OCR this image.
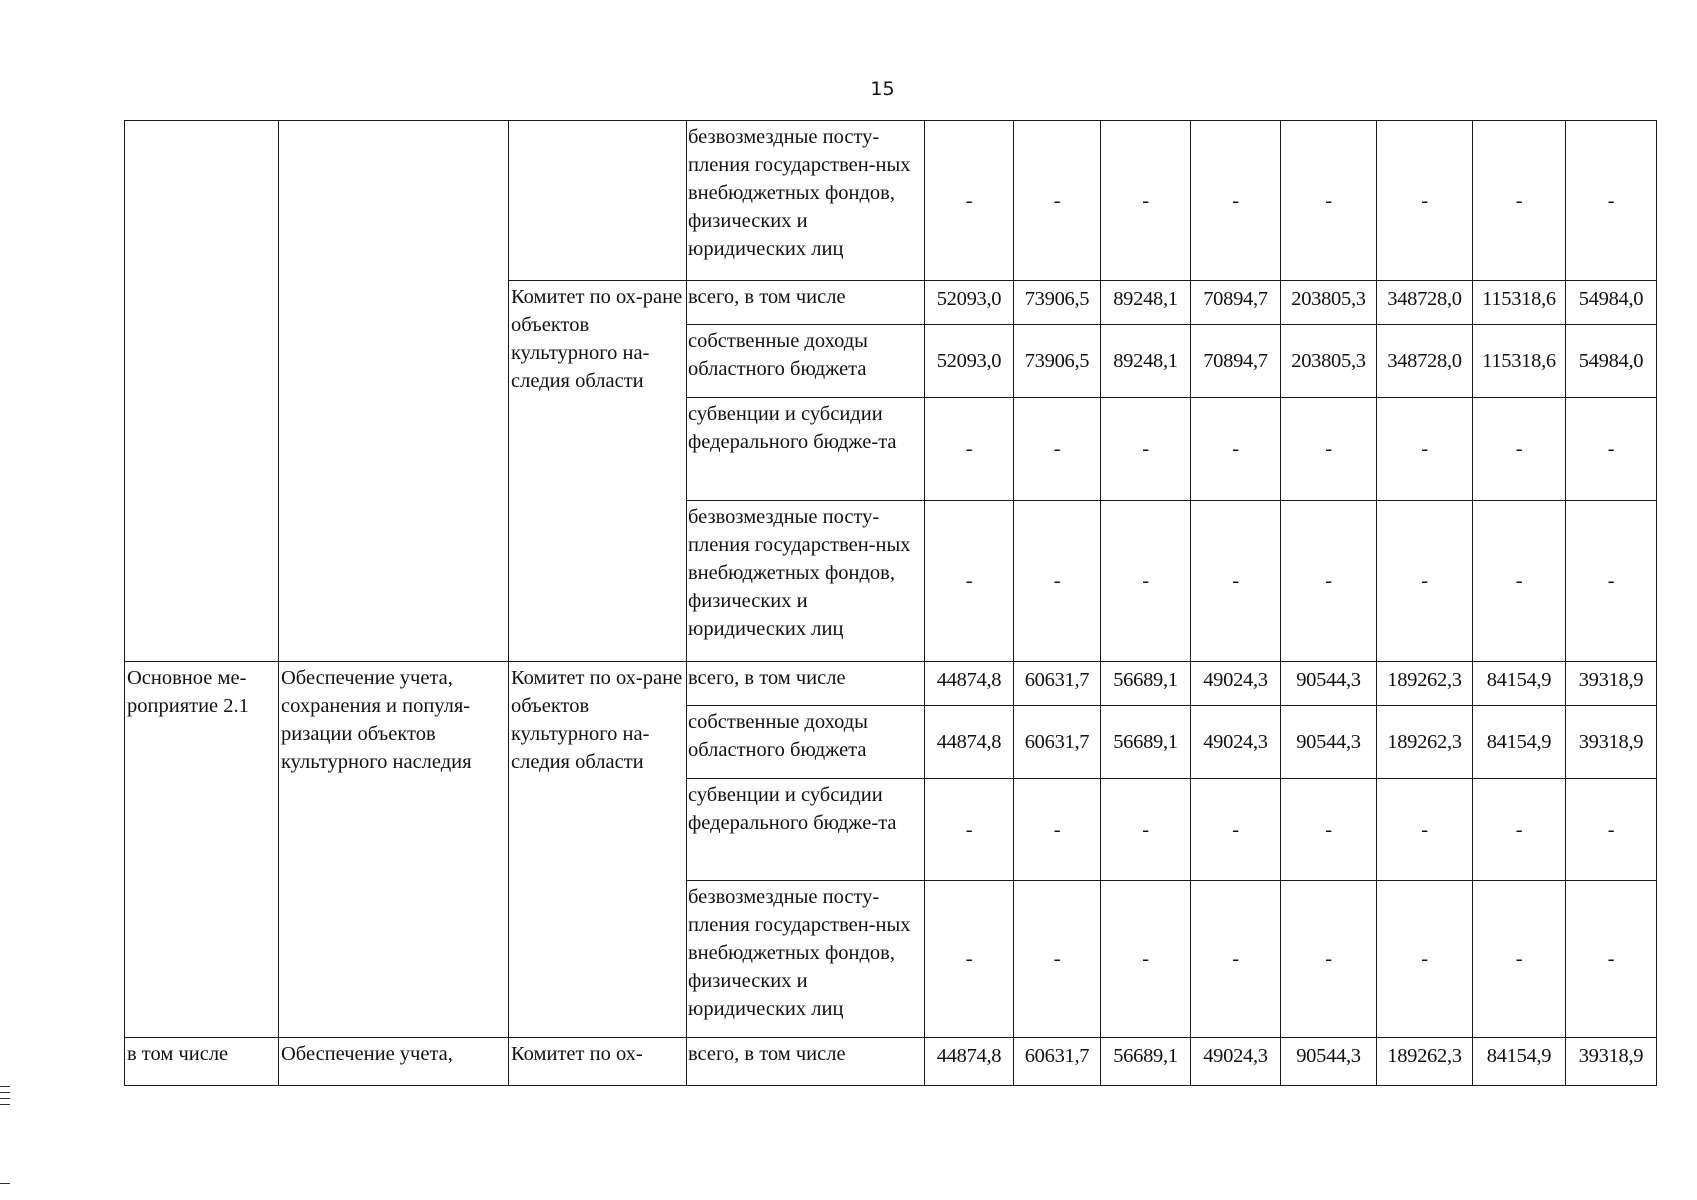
15
			безвозмездные посту-пления государствен-ных внебюджетных фондов, физических и юридических лиц	-	-	-	-	-	-	-	-
		Комитет по ох-ране объектов культурного на-следия области	всего, в том числе	52093,0	73906,5	89248,1	70894,7	203805,3	348728,0	115318,6	54984,0
			собственные доходы областного бюджета	52093,0	73906,5	89248,1	70894,7	203805,3	348728,0	115318,6	54984,0
			субвенции и субсидии федерального бюдже-та	-	-	-	-	-	-	-	-
			безвозмездные посту-пления государствен-ных внебюджетных фондов, физических и юридических лиц	-	-	-	-	-	-	-	-
Основное ме-роприятие 2.1	Обеспечение учета, сохранения и популя-ризации объектов культурного наследия	Комитет по ох-ране объектов культурного на-следия области	всего, в том числе	44874,8	60631,7	56689,1	49024,3	90544,3	189262,3	84154,9	39318,9
			собственные доходы областного бюджета	44874,8	60631,7	56689,1	49024,3	90544,3	189262,3	84154,9	39318,9
			субвенции и субсидии федерального бюдже-та	-	-	-	-	-	-	-	-
			безвозмездные посту-пления государствен-ных внебюджетных фондов, физических и юридических лиц	-	-	-	-	-	-	-	-
в том числе	Обеспечение учета,	Комитет по ох-	всего, в том числе	44874,8	60631,7	56689,1	49024,3	90544,3	189262,3	84154,9	39318,9
